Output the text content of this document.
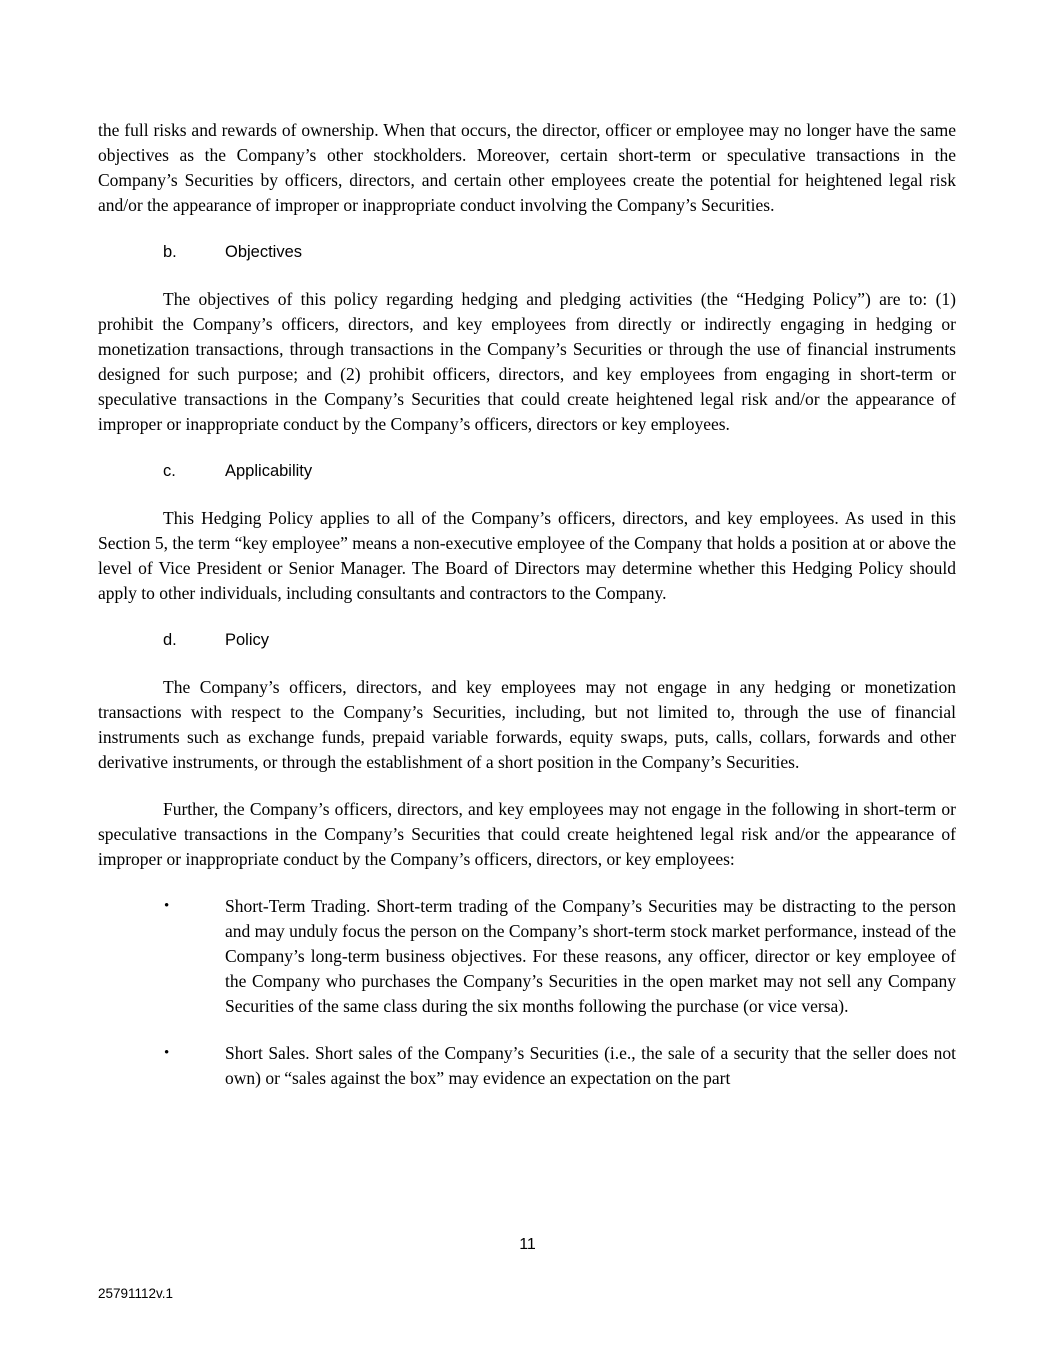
the full risks and rewards of ownership. When that occurs, the director, officer or employee may no longer have the same objectives as the Company’s other stockholders. Moreover, certain short-term or speculative transactions in the Company’s Securities by officers, directors, and certain other employees create the potential for heightened legal risk and/or the appearance of improper or inappropriate conduct involving the Company’s Securities.

b.	Objectives

The objectives of this policy regarding hedging and pledging activities (the “Hedging Policy”) are to: (1) prohibit the Company’s officers, directors, and key employees from directly or indirectly engaging in hedging or monetization transactions, through transactions in the Company’s Securities or through the use of financial instruments designed for such purpose; and (2) prohibit officers, directors, and key employees from engaging in short-term or speculative transactions in the Company’s Securities that could create heightened legal risk and/or the appearance of improper or inappropriate conduct by the Company’s officers, directors or key employees.

c.	Applicability

This Hedging Policy applies to all of the Company’s officers, directors, and key employees. As used in this Section 5, the term “key employee” means a non-executive employee of the Company that holds a position at or above the level of Vice President or Senior Manager. The Board of Directors may determine whether this Hedging Policy should apply to other individuals, including consultants and contractors to the Company.

d.	Policy

The Company’s officers, directors, and key employees may not engage in any hedging or monetization transactions with respect to the Company’s Securities, including, but not limited to, through the use of financial instruments such as exchange funds, prepaid variable forwards, equity swaps, puts, calls, collars, forwards and other derivative instruments, or through the establishment of a short position in the Company’s Securities.

Further, the Company’s officers, directors, and key employees may not engage in the following in short-term or speculative transactions in the Company’s Securities that could create heightened legal risk and/or the appearance of improper or inappropriate conduct by the Company’s officers, directors, or key employees:

•	Short-Term Trading. Short-term trading of the Company’s Securities may be distracting to the person and may unduly focus the person on the Company’s short-term stock market performance, instead of the Company’s long-term business objectives. For these reasons, any officer, director or key employee of the Company who purchases the Company’s Securities in the open market may not sell any Company Securities of the same class during the six months following the purchase (or vice versa).
•	Short Sales. Short sales of the Company’s Securities (i.e., the sale of a security that the seller does not own) or “sales against the box” may evidence an expectation on the part
11
25791112v.1
